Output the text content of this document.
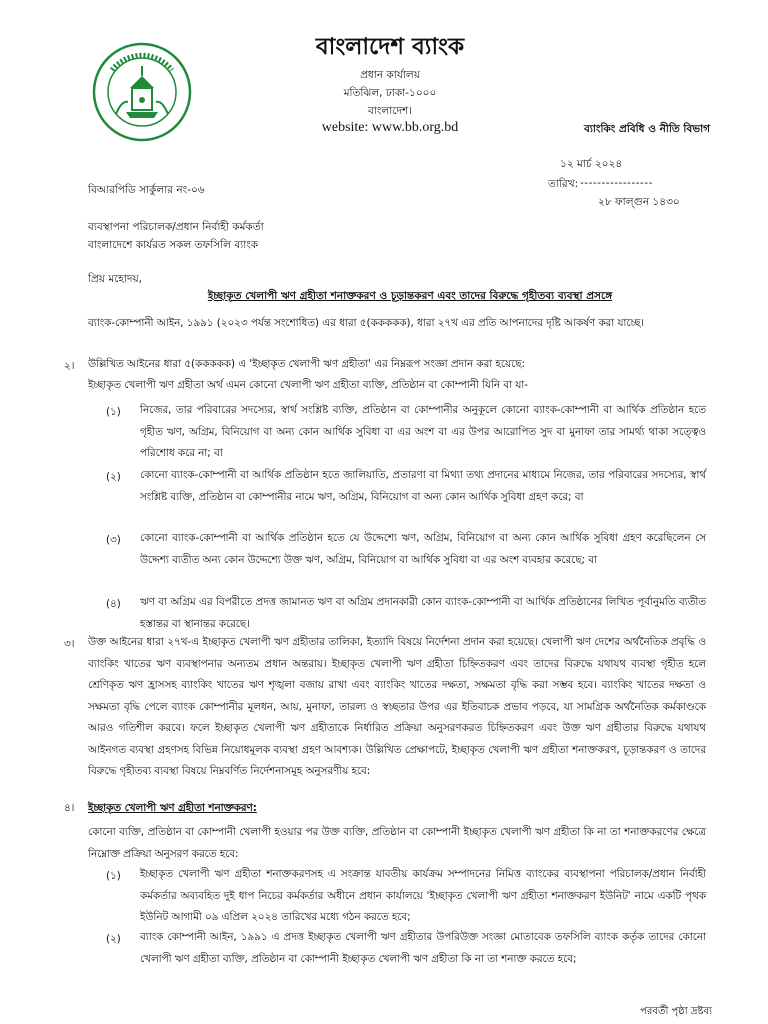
বাংলাদেশ ব্যাংক
প্রধান কার্যালয়
মতিঝিল, ঢাকা-১০০০
বাংলাদেশ।
website: www.bb.org.bd	ব্যাংকিং প্রবিধি ও নীতি বিভাগ
১২ মার্চ ২০২৪
তারিখ: -----------------
২৮ ফাল্গুন ১৪৩০
বিআরপিডি সার্কুলার নং-০৬
ব্যবস্থাপনা পরিচালক/প্রধান নির্বাহী কর্মকর্তা
বাংলাদেশে কার্যরত সকল তফসিলি ব্যাংক
প্রিয় মহোদয়,
ইচ্ছাকৃত খেলাপী ঋণ গ্রহীতা শনাক্তকরণ ও চূড়ান্তকরণ এবং তাদের বিরুদ্ধে গৃহীতব্য ব্যবস্থা প্রসঙ্গে
ব্যাংক-কোম্পানী আইন, ১৯৯১ (২০২৩ পর্যন্ত সংশোধিত) এর ধারা ৫(ককককক), ধারা ২৭খ এর প্রতি আপনাদের দৃষ্টি আকর্ষণ করা যাচ্ছে।
২। উল্লিখিত আইনের ধারা ৫(ককককক) এ 'ইচ্ছাকৃত খেলাপী ঋণ গ্রহীতা' এর নিম্নরূপ সংজ্ঞা প্রদান করা হয়েছে:
ইচ্ছাকৃত খেলাপী ঋণ গ্রহীতা অর্থ এমন কোনো খেলাপী ঋণ গ্রহীতা ব্যক্তি, প্রতিষ্ঠান বা কোম্পানী যিনি বা যা-
(১) নিজের, তার পরিবারের সদস্যের, স্বার্থ সংশ্লিষ্ট ব্যক্তি, প্রতিষ্ঠান বা কোম্পানীর অনুকূলে কোনো ব্যাংক-কোম্পানী বা আর্থিক প্রতিষ্ঠান হতে গৃহীত ঋণ, অগ্রিম, বিনিয়োগ বা অন্য কোন আর্থিক সুবিধা বা এর অংশ বা এর উপর আরোপিত সুদ বা মুনাফা তার সামর্থ্য থাকা সত্ত্বেও পরিশোধ করে না; বা
(২) কোনো ব্যাংক-কোম্পানী বা আর্থিক প্রতিষ্ঠান হতে জালিয়াতি, প্রতারণা বা মিথ্যা তথ্য প্রদানের মাধ্যমে নিজের, তার পরিবারের সদস্যের, স্বার্থ সংশ্লিষ্ট ব্যক্তি, প্রতিষ্ঠান বা কোম্পানীর নামে ঋণ, অগ্রিম, বিনিয়োগ বা অন্য কোন আর্থিক সুবিধা গ্রহণ করে; বা
(৩) কোনো ব্যাংক-কোম্পানী বা আর্থিক প্রতিষ্ঠান হতে যে উদ্দেশ্যে ঋণ, অগ্রিম, বিনিয়োগ বা অন্য কোন আর্থিক সুবিধা গ্রহণ করেছিলেন সে উদ্দেশ্য ব্যতীত অন্য কোন উদ্দেশ্যে উক্ত ঋণ, অগ্রিম, বিনিয়োগ বা আর্থিক সুবিধা বা এর অংশ ব্যবহার করেছে; বা
(৪) ঋণ বা অগ্রিম এর বিপরীতে প্রদত্ত জামানত ঋণ বা অগ্রিম প্রদানকারী কোন ব্যাংক-কোম্পানী বা আর্থিক প্রতিষ্ঠানের লিখিত পূর্বানুমতি ব্যতীত হস্তান্তর বা স্থানান্তর করেছে।
৩। উক্ত আইনের ধারা ২৭খ-এ ইচ্ছাকৃত খেলাপী ঋণ গ্রহীতার তালিকা, ইত্যাদি বিষয়ে নির্দেশনা প্রদান করা হয়েছে। খেলাপী ঋণ দেশের অর্থনৈতিক প্রবৃদ্ধি ও ব্যাংকিং খাতের ঋণ ব্যবস্থাপনার অন্যতম প্রধান অন্তরায়। ইচ্ছাকৃত খেলাপী ঋণ গ্রহীতা চিহ্নিতকরণ এবং তাদের বিরুদ্ধে যথাযথ ব্যবস্থা গৃহীত হলে শ্রেণিকৃত ঋণ হ্রাসসহ ব্যাংকিং খাতের ঋণ শৃঙ্খলা বজায় রাখা এবং ব্যাংকিং খাতের দক্ষতা, সক্ষমতা বৃদ্ধি করা সম্ভব হবে। ব্যাংকিং খাতের দক্ষতা ও সক্ষমতা বৃদ্ধি পেলে ব্যাংক কোম্পানীর মূলধন, আয়, মুনাফা, তারল্য ও স্বচ্ছতার উপর এর ইতিবাচক প্রভাব পড়বে, যা সামগ্রিক অর্থনৈতিক কর্মকাণ্ডকে আরও গতিশীল করবে। ফলে ইচ্ছাকৃত খেলাপী ঋণ গ্রহীতাকে নির্ধারিত প্রক্রিয়া অনুসরণকরত চিহ্নিতকরণ এবং উক্ত ঋণ গ্রহীতার বিরুদ্ধে যথাযথ আইনগত ব্যবস্থা গ্রহণসহ বিভিন্ন নিয়োধমূলক ব্যবস্থা গ্রহণ আবশ্যক। উল্লিখিত প্রেক্ষাপটে, ইচ্ছাকৃত খেলাপী ঋণ গ্রহীতা শনাক্তকরণ, চূড়ান্তকরণ ও তাদের বিরুদ্ধে গৃহীতব্য ব্যবস্থা বিষয়ে নিম্নবর্ণিত নির্দেশনাসমূহ অনুসরণীয় হবে:
৪। ইচ্ছাকৃত খেলাপী ঋণ গ্রহীতা শনাক্তকরণ:
কোনো ব্যক্তি, প্রতিষ্ঠান বা কোম্পানী খেলাপী হওয়ার পর উক্ত ব্যক্তি, প্রতিষ্ঠান বা কোম্পানী ইচ্ছাকৃত খেলাপী ঋণ গ্রহীতা কি না তা শনাক্তকরণের ক্ষেত্রে নিম্নোক্ত প্রক্রিয়া অনুসরণ করতে হবে:
(১) ইচ্ছাকৃত খেলাপী ঋণ গ্রহীতা শনাক্তকরণসহ এ সংক্রান্ত যাবতীয় কার্যক্রম সম্পাদনের নিমিত্ত ব্যাংকের ব্যবস্থাপনা পরিচালক/প্রধান নির্বাহী কর্মকর্তার অব্যবহিত দুই ধাপ নিচের কর্মকর্তার অধীনে প্রধান কার্যালয়ে 'ইচ্ছাকৃত খেলাপী ঋণ গ্রহীতা শনাক্তকরণ ইউনিট' নামে একটি পৃথক ইউনিট আগামী ০৯ এপ্রিল ২০২৪ তারিখের মধ্যে গঠন করতে হবে;
(২) ব্যাংক কোম্পানী আইন, ১৯৯১ এ প্রদত্ত ইচ্ছাকৃত খেলাপী ঋণ গ্রহীতার উপরিউক্ত সংজ্ঞা মোতাবেক তফসিলি ব্যাংক কর্তৃক তাদের কোনো খেলাপী ঋণ গ্রহীতা ব্যক্তি, প্রতিষ্ঠান বা কোম্পানী ইচ্ছাকৃত খেলাপী ঋণ গ্রহীতা কি না তা শনাক্ত করতে হবে;
পরবর্তী পৃষ্ঠা দ্রষ্টব্য
